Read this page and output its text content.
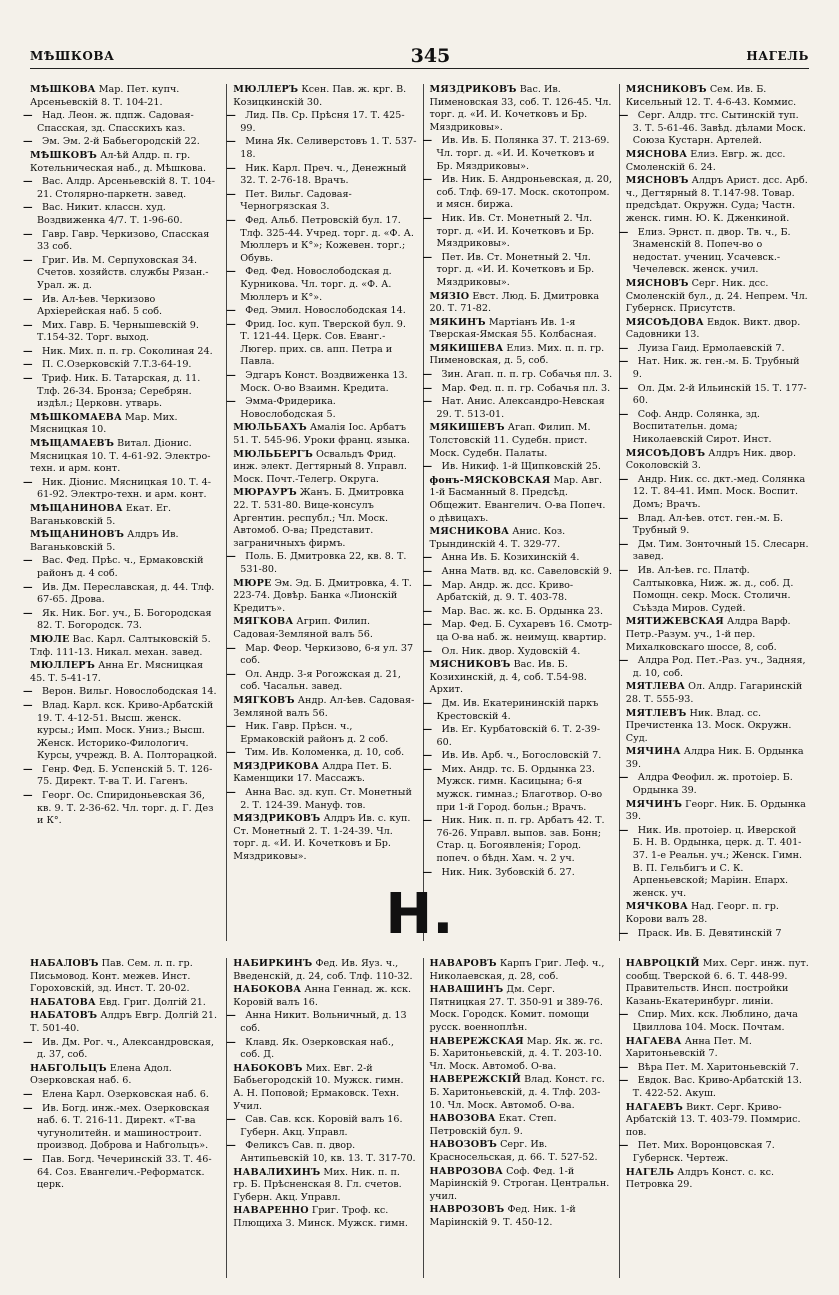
МѢШКОВА	345	НАГЕЛЬ
МѢШКОВА Мар. Пет. купч. Арсеньевскій 8. Т. 104-21.
— Над. Леон. ж. пдпж. Садовая-Спасская, зд. Спасскихъ каз.
— Эм. Эм. 2-й Бабьегородскій 22.
МѢШКОВЪ Ал-ѣй Алдр. п. гр. Котельническая наб., д. Мѣшкова.
— Вас. Алдр. Арсеньевскій 8. Т. 104-21. Столярно-паркетн. завед.
— Вас. Никит. классн. худ. Воздвиженка 4/7. Т. 1-96-60.
— Гавр. Гавр. Черкизово, Спасская 33 соб.
— Григ. Ив. М. Серпуховская 34. Счетов. хозяйств. службы Рязан.-Урал. ж. д.
— Ив. Ал-ѣев. Черкизово Архіерейская наб. 5 соб.
— Мих. Гавр. Б. Чернышевскій 9. Т.154-32. Торг. выход.
— Ник. Мих. п. п. гр. Соколиная 24.
— П. С.Озерковскій 7.Т.3-64-19.
— Триф. Ник. Б. Татарская, д. 11. Тлф. 26-34. Бронза; Серебрян. издѣл.; Церковн. утварь.
МѢШКОМАЕВА Мар. Мих. Мясницкая 10.
МѢЩАМАЕВЪ Витал. Діонис. Мясницкая 10. Т. 4-61-92. Электро-техн. и арм. конт.
— Ник. Діонис. Мясницкая 10. Т. 4-61-92. Электро-техн. и арм. конт.
МѢЩАНИНОВА Екат. Ег. Ваганьковскій 5.
МѢЩАНИНОВЪ Алдръ Ив. Ваганьковскій 5.
— Вас. Фед. Прѣс. ч., Ермаковскій районъ д. 4 соб.
— Ив. Дм. Переславская, д. 44. Тлф. 67-65. Дрова.
— Як. Ник. Бог. уч., Б. Богородская 82. Т. Богородск. 73.
МЮЛЕ Вас. Карл. Салтыковскій 5. Тлф. 111-13. Никал. механ. завед.
МЮЛЛЕРЪ Анна Ег. Мясницкая 45. Т. 5-41-17.
— Верон. Вильг. Новослободская 14.
— Влад. Карл. кск. Криво-Арбатскій 19. Т. 4-12-51. Высш. женск. курсы.; Имп. Моск. Униз.; Высш. Женск. Историко-Филологич. Курсы, учрежд. В. А. Полторацкой.
— Генр. Фед. Б. Успенскій 5. Т. 126-75. Директ. Т-ва Т. И. Гагенъ.
— Георг. Ос. Спиридоньевская 36, кв. 9. Т. 2-36-62. Чл. торг. д. Г. Дез и К°.
МЮЛЛЕРЪ Ксен. Пав. ж. крг. В. Козицкинскій 30.
— Лид. Пв. Ср. Прѣсня 17. Т. 425-99.
— Мина Як. Селиверстовъ 1. Т. 537-18.
— Ник. Карл. Преч. ч., Денежный 32. Т. 2-76-18. Врачъ.
— Пет. Вильг. Садовая-Черногрязская 3.
— Фед. Альб. Петровскій бул. 17. Тлф. 325-44. Учред. торг. д. «Ф. А. Мюллеръ и К°»; Кожевен. торг.; Обувь.
— Фед. Фед. Новослободская д. Курникова. Чл. торг. д. «Ф. А. Мюллеръ и К°».
— Фед. Эмил. Новослободская 14.
— Фрид. Іос. куп. Тверской бул. 9. Т. 121-44. Церк. Сов. Еванг.-Люгер. прих. св. апп. Петра и Павла.
— Эдгаръ Конст. Воздвиженка 13. Моск. О-во Взаимн. Кредита.
— Эмма-Фридерика. Новослободская 5.
МЮЛЬБАХЪ Амалія Іос. Арбатъ 51. Т. 545-96. Уроки франц. языка.
МЮЛЬБЕРГЪ Освальдъ Фрид. инж. элект. Дегтярный 8. Управл. Моск. Почт.-Телегр. Округа.
МЮРАУРЪ Жанъ. Б. Дмитровка 22. Т. 531-80. Вице-консулъ Аргентин. республ.; Чл. Моск. Автомоб. О-ва; Представит. заграничныхъ фирмъ.
— Поль. Б. Дмитровка 22, кв. 8. Т. 531-80.
МЮРЕ Эм. Эд. Б. Дмитровка, 4. Т. 223-74. Довѣр. Банка «Лионскій Кредитъ».
МЯГКОВА Агрип. Филип. Садовая-Земляной валъ 56.
— Мар. Феор. Черкизово, 6-я ул. 37 соб.
— Ол. Андр. 3-я Рогожская д. 21, соб. Часальн. завед.
МЯГКОВЪ Андр. Ал-ѣев. Садовая-Земляной валъ 56.
— Ник. Гавр. Прѣсн. ч., Ермаковскій районъ д. 2 соб.
— Тим. Ив. Коломенка, д. 10, соб.
МЯЗДРИКОВА Алдра Пет. Б. Каменщики 17. Массажъ.
— Анна Вас. зд. куп. Ст. Монетный 2. Т. 124-39. Мануф. тов.
МЯЗДРИКОВЪ Алдръ Ив. с. куп. Ст. Монетный 2. Т. 1-24-39. Чл. торг. д. «И. И. Кочетковъ и Бр. Мяздриковы».
МЯЗДРИКОВЪ Вас. Ив. Пименовская 33, соб. Т. 126-45. Чл. торг. д. «И. И. Кочетковъ и Бр. Мяздриковы».
— Ив. Ив. Б. Полянка 37. Т. 213-69. Чл. торг. д. «И. И. Кочетковъ и Бр. Мяздриковы».
— Ив. Ник. Б. Андроньевская, д. 20, соб. Тлф. 69-17. Моск. скотопром. и мясн. биржа.
— Ник. Ив. Ст. Монетный 2. Чл. торг. д. «И. И. Кочетковъ и Бр. Мяздриковы».
— Пет. Ив. Ст. Монетный 2. Чл. торг. д. «И. И. Кочетковъ и Бр. Мяздриковы».
МЯЗІО Евст. Люд. Б. Дмитровка 20. Т. 71-82.
МЯКИНЪ Мартіанъ Ив. 1-я Тверская-Ямская 55. Колбасная.
МЯКИШЕВА Елиз. Мих. п. п. гр. Пименовская, д. 5, соб.
— Зин. Агап. п. п. гр. Собачья пл. 3.
— Мар. Фед. п. п. гр. Собачья пл. 3.
— Нат. Анис. Александро-Невская 29. Т. 513-01.
МЯКИШЕВЪ Агап. Филип. М. Толстовскій 11. Судебн. прист. Моск. Судебн. Палаты.
— Ив. Никиф. 1-й Щипковскій 25.
фонъ-МЯСКОВСКАЯ Мар. Авг. 1-й Басманный 8. Предсѣд. Общежит. Евангелич. О-ва Попеч. о дѣвицахъ.
МЯСНИКОВА Анис. Коз. Трындинскій 4. Т. 329-77.
— Анна Ив. Б. Козихинскій 4.
— Анна Матв. вд. кс. Савеловскій 9.
— Мар. Андр. ж. дсс. Криво-Арбатскій, д. 9. Т. 403-78.
— Мар. Вас. ж. кс. Б. Ордынка 23.
— Мар. Фед. Б. Сухаревъ 16. Смотр-ца О-ва наб. ж. неимущ. квартир.
— Ол. Ник. двор. Худовскій 4.
МЯСНИКОВЪ Вас. Ив. Б. Козихинскій, д. 4, соб. Т.54-98. Архит.
— Дм. Ив. Екатерининскій паркъ Крестовскій 4.
— Ив. Ег. Курбатовскій 6. Т. 2-39-60.
— Ив. Ив. Арб. ч., Богословскій 7.
— Мих. Андр. тс. Б. Ордынка 23. Мужск. гимн. Касицына; 6-я мужск. гимназ.; Благотвор. О-во при 1-й Город. больн.; Врачъ.
— Ник. Ник. п. п. гр. Арбатъ 42. Т. 76-26. Управл. выпов. зав. Бонн; Стар. ц. Богоявленія; Город. попеч. о бѣдн. Хам. ч. 2 уч.
— Ник. Ник. Зубовскій б. 27.
МЯСНИКОВЪ Сем. Ив. Б. Кисельный 12. Т. 4-6-43. Коммис.
— Серг. Алдр. тгс. Сытинскій туп. 3. Т. 5-61-46. Завѣд. дѣлами Моск. Союза Кустарн. Артелей.
МЯСНОВА Елиз. Евгр. ж. дсс. Смоленскій 6. 24.
МЯСНОВЪ Алдръ Арист. дсс. Арб. ч., Дегтярный 8. Т.147-98. Товар. предсѣдат. Окружн. Суда; Частн. женск. гимн. Ю. К. Дженкиной.
— Елиз. Эрнст. п. двор. Тв. ч., Б. Знаменскій 8. Попеч-во о недостат. учениц. Усачевск.-Чечелевск. женск. учил.
МЯСНОВЪ Серг. Ник. дсс. Смоленскій бул., д. 24. Непрем. Чл. Губернск. Присутств.
МЯСОѢДОВА Евдок. Викт. двор. Садовники 13.
— Луиза Гаид. Ермолаевскій 7.
— Нат. Ник. ж. ген.-м. Б. Трубный 9.
— Ол. Дм. 2-й Ильинскій 15. Т. 177-60.
— Соф. Андр. Солянка, зд. Воспитательн. дома; Николаевскій Сирот. Инст.
МЯСОѢДОВЪ Алдръ Ник. двор. Соколовскій 3.
— Андр. Ник. сс. дкт.-мед. Солянка 12. Т. 84-41. Имп. Моск. Воспит. Домъ; Врачъ.
— Влад. Ал-ѣев. отст. ген.-м. Б. Трубный 9.
— Дм. Тим. Зонточный 15. Слесарн. завед.
— Ив. Ал-ѣев. гс. Платф. Салтыковка, Ниж. ж. д., соб. Д. Помощн. секр. Моск. Столичн. Съѣзда Миров. Судей.
МЯТИЖЕВСКАЯ Алдра Варф. Петр.-Разум. уч., 1-й пер. Михалковскаго шоссе, 8, соб.
— Алдра Род. Пет.-Раз. уч., Задняя, д. 10, соб.
МЯТЛЕВА Ол. Алдр. Гагаринскій 28. Т. 555-93.
МЯТЛЕВЪ Ник. Влад. сс. Пречистенка 13. Моск. Окружн. Суд.
МЯЧИНА Алдра Ник. Б. Ордынка 39.
— Алдра Феофил. ж. протоіер. Б. Ордынка 39.
МЯЧИНЪ Георг. Ник. Б. Ордынка 39.
— Ник. Ив. протоіер. ц. Иверской Б. Н. В. Ордынка, церк. д. Т. 401-37. 1-е Реальн. уч.; Женск. Гимн. В. П. Гельбигъ и С. К. Арпеньевской; Маріин. Епарх. женск. уч.
МЯЧКОВА Над. Георг. п. гр. Корови валъ 28.
— Праск. Ив. Б. Девятинскій 7
Н.
НАБАЛОВЪ Пав. Сем. л. п. гр. Письмовод. Конт. межев. Инст. Гороховскій, зд. Инст. Т. 20-02.
НАБАТОВА Евд. Григ. Долгій 21.
НАБАТОВЪ Алдръ Евгр. Долгій 21. Т. 501-40.
— Ив. Дм. Рог. ч., Александровская, д. 37, соб.
НАБГОЛЬЦЪ Елена Адол. Озерковская наб. 6.
— Елена Карл. Озерковская наб. 6.
— Ив. Богд. инж.-мех. Озерковская наб. 6. Т. 216-11. Директ. «Т-ва чугунолитейн. и машиностроит. производ. Доброва и Набгольцъ».
— Пав. Богд. Чечеринскій 33. Т. 46-64. Соз. Евангелич.-Реформатск. церк.
НАБИРКИНЪ Фед. Ив. Яуз. ч., Введенскій, д. 24, соб. Тлф. 110-32.
НАБОКОВА Анна Геннад. ж. кск. Коровій валъ 16.
— Анна Никит. Вольничный, д. 13 соб.
— Клавд. Як. Озерковская наб., соб. Д.
НАБОКОВЪ Мих. Евг. 2-й Бабьегородскій 10. Мужск. гимн. А. Н. Поповой; Ермаковск. Техн. Учил.
— Сав. Сав. кск. Коровій валъ 16. Губерн. Акц. Управл.
— Феликсъ Сав. п. двор. Антипьевскій 10, кв. 13. Т. 317-70.
НАВАЛИХИНЪ Мих. Ник. п. п. гр. Б. Прѣсненская 8. Гл. счетов. Губерн. Акц. Управл.
НАВАРЕННО Григ. Троф. кс. Плющиха 3. Минск. Мужск. гимн.
НАВАРОВЪ Карпъ Григ. Леф. ч., Николаевская, д. 28, соб.
НАВАШИНЪ Дм. Серг. Пятницкая 27. Т. 350-91 и 389-76. Моск. Городск. Комит. помощи русск. военноплѣн.
НАВЕРЕЖСКАЯ Мар. Як. ж. гс. Б. Харитоньевскій, д. 4. Т. 203-10. Чл. Моск. Автомоб. О-ва.
НАВЕРЕЖСКІЙ Влад. Конст. гс. Б. Харитоньевскій, д. 4. Тлф. 203-10. Чл. Моск. Автомоб. О-ва.
НАВОЗОВА Екат. Степ. Петровскій бул. 9.
НАВОЗОВЪ Серг. Ив. Красносельская, д. 66. Т. 527-52.
НАВРОЗОВА Соф. Фед. 1-й Маріинскій 9. Строган. Центральн. учил.
НАВРОЗОВЪ Фед. Ник. 1-й Маріинскій 9. Т. 450-12.
НАВРОЦКІЙ Мих. Серг. инж. пут. сообщ. Тверской 6. 6. Т. 448-99. Правительств. Инсп. постройки Казань-Екатеринбург. линіи.
— Спир. Мих. кск. Люблино, дача Цвиллова 104. Моск. Почтам.
НАГАЕВА Анна Пет. М. Харитоньевскій 7.
— Вѣра Пет. М. Харитоньевскій 7.
— Евдок. Вас. Криво-Арбатскій 13. Т. 422-52. Акуш.
НАГАЕВЪ Викт. Серг. Криво-Арбатскій 13. Т. 403-79. Поммрис. пов.
— Пет. Мих. Воронцовская 7. Губернск. Чертеж.
НАГЕЛЬ Алдръ Конст. с. кс. Петровка 29.
